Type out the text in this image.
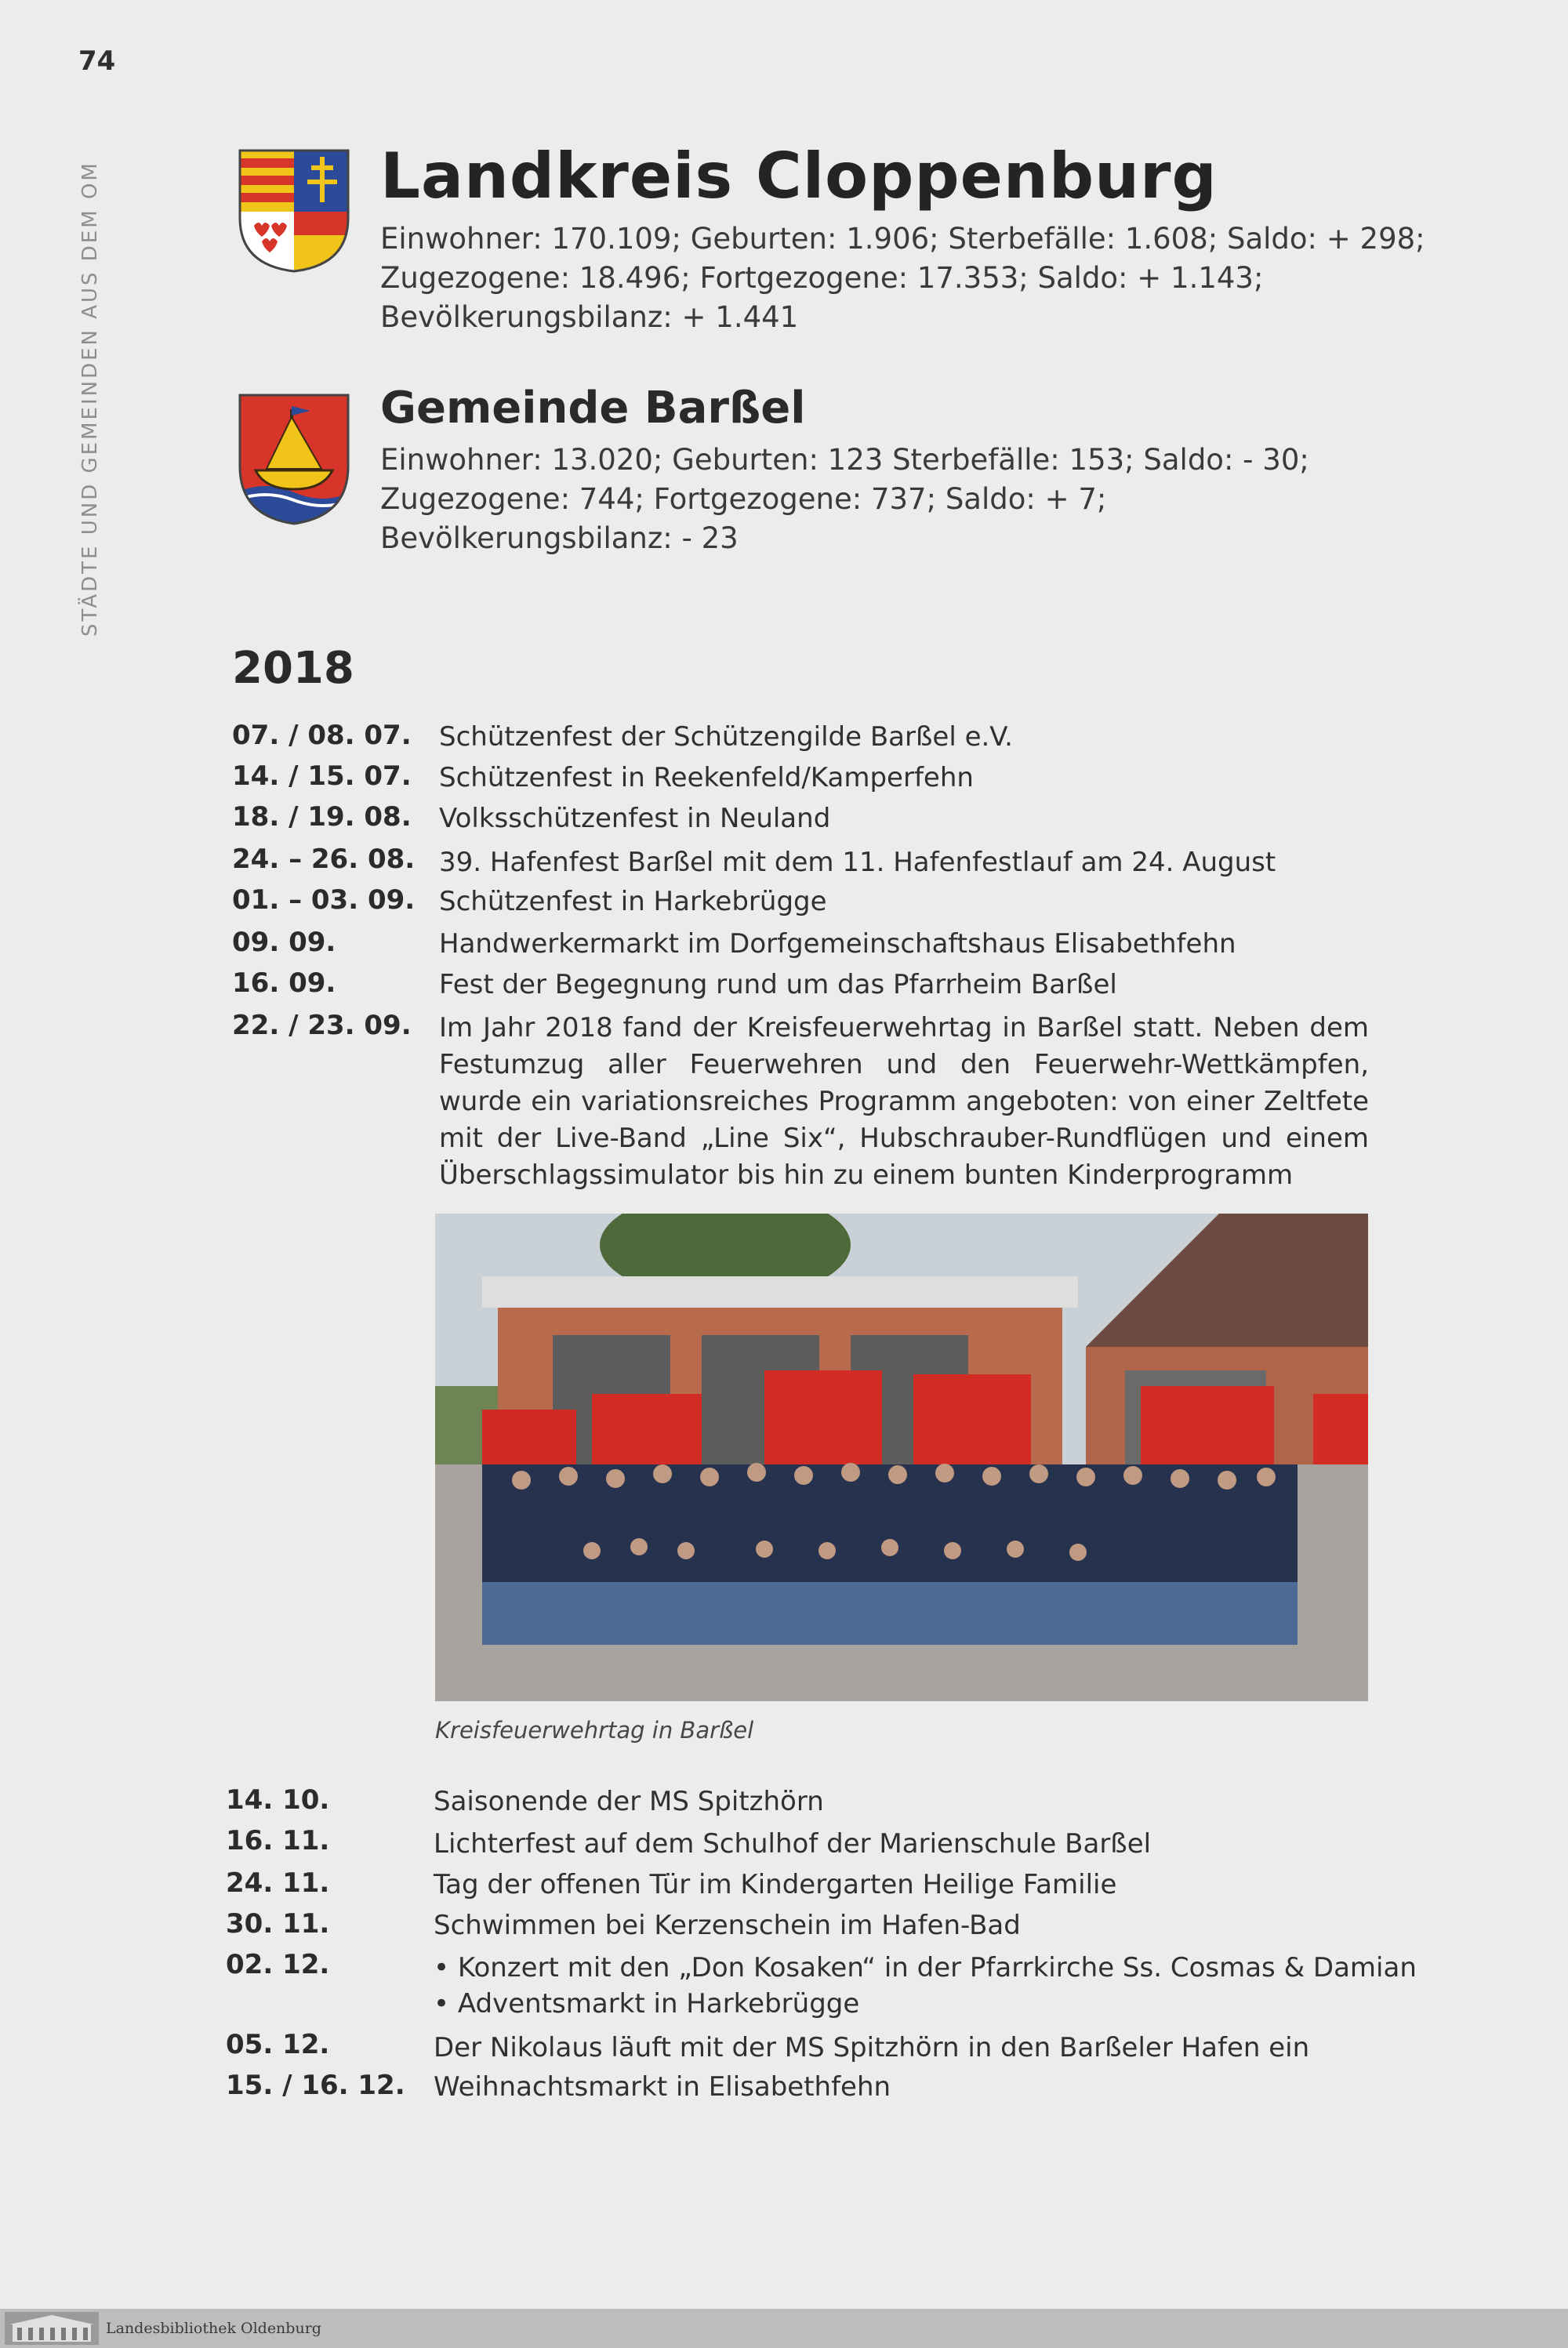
74
STÄDTE UND GEMEINDEN AUS DEM OM	Landkreis Cloppenburg
Einwohner: 170.109; Geburten: 1.906; Sterbefälle: 1.608; Saldo: + 298;
Zugezogene: 18.496; Fortgezogene: 17.353; Saldo: + 1.143;
Bevölkerungsbilanz: + 1.441
Gemeinde Barßel
Einwohner: 13.020; Geburten: 123 Sterbefälle: 153; Saldo: - 30;
Zugezogene: 744; Fortgezogene: 737; Saldo: + 7;
Bevölkerungsbilanz: - 23
2018
07. / 08. 07. Schützenfest der Schützengilde Barßel e.V.
14. / 15. 07. Schützenfest in Reekenfeld/Kamperfehn
18. / 19. 08. Volksschützenfest in Neuland
24. – 26. 08. 39. Hafenfest Barßel mit dem 11. Hafenfestlauf am 24. August
01. – 03. 09. Schützenfest in Harkebrügge
09. 09.	Handwerkermarkt im Dorfgemeinschaftshaus Elisabethfehn
16. 09.	Fest der Begegnung rund um das Pfarrheim Barßel
22. / 23. 09. Im Jahr 2018 fand der Kreisfeuerwehrtag in Barßel statt. Neben dem Festumzug aller Feuerwehren und den Feuerwehr-Wettkämpfen, wurde ein variationsreiches Programm angeboten: von einer Zeltfete mit der Live-Band „Line Six“, Hubschrauber-Rundflügen und einem Überschlagssimulator bis hin zu einem bunten Kinderprogramm
Kreisfeuerwehrtag in Barßel
14. 10.	Saisonende der MS Spitzhörn
16. 11.	Lichterfest auf dem Schulhof der Marienschule Barßel
24. 11.	Tag der offenen Tür im Kindergarten Heilige Familie
30. 11.	Schwimmen bei Kerzenschein im Hafen-Bad
02. 12.	• Konzert mit den „Don Kosaken“ in der Pfarrkirche Ss. Cosmas & Damian
• Adventsmarkt in Harkebrügge
05. 12.	Der Nikolaus läuft mit der MS Spitzhörn in den Barßeler Hafen ein
15. / 16. 12. Weihnachtsmarkt in Elisabethfehn
Landesbibliothek Oldenburg
